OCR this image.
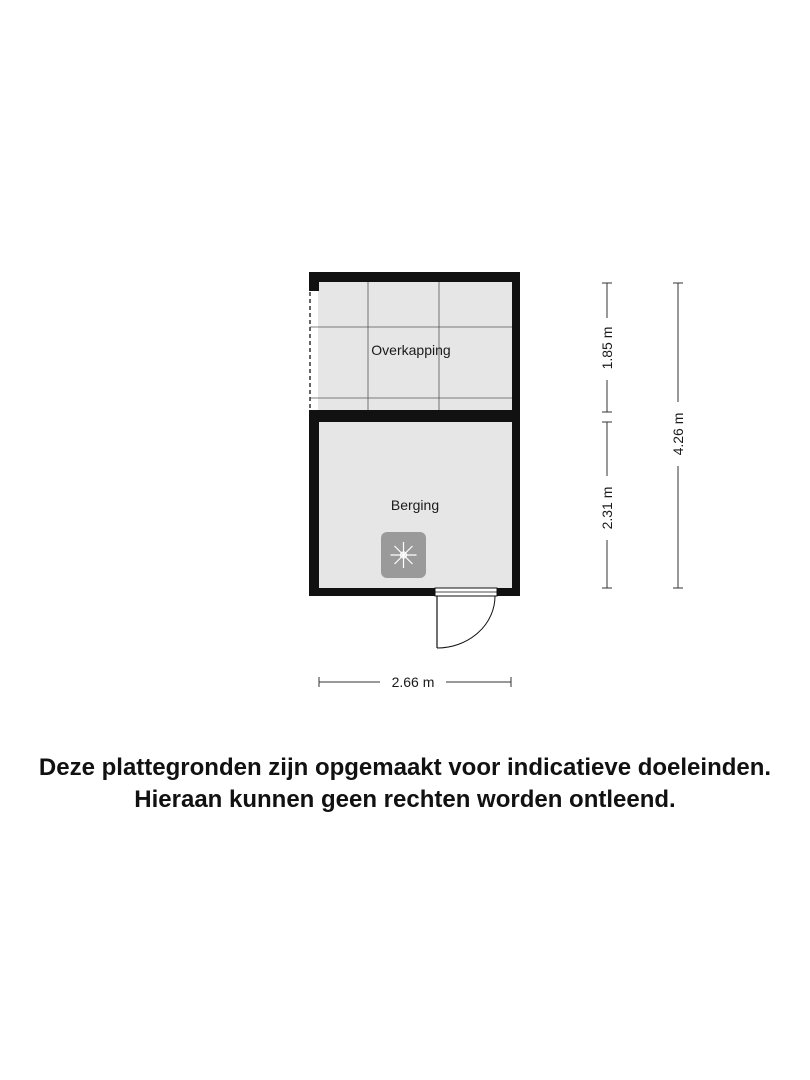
Overkapping
Berging
2.66 m
1.85 m
2.31 m
4.26 m
Deze plattegronden zijn opgemaakt voor indicatieve doeleinden.
Hieraan kunnen geen rechten worden ontleend.
